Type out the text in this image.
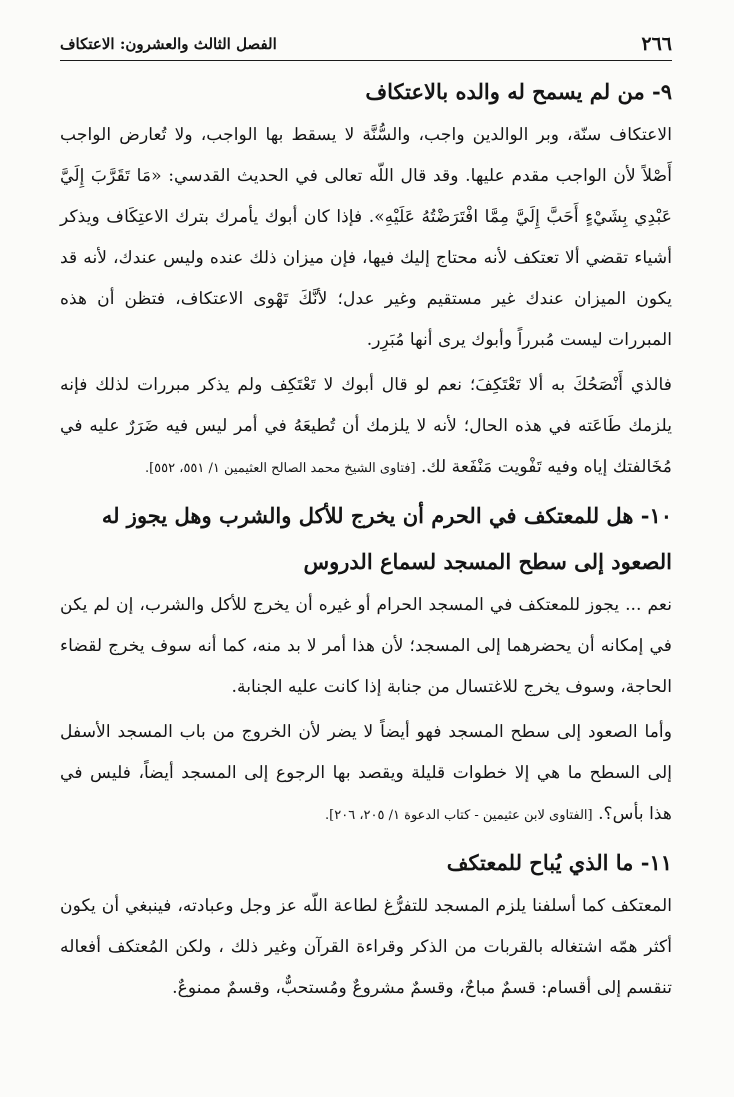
٢٦٦
الفصل الثالث والعشرون: الاعتكاف
٩- من لم يسمح له والده بالاعتكاف

الاعتكاف سنّة، وبر الوالدين واجب، والسُّنَّة لا يسقط بها الواجب، ولا تُعارض الواجب أَصْلاً لأن الواجب مقدم عليها. وقد قال اللّه تعالى في الحديث القدسي: «مَا تَقَرَّبَ إِلَيَّ عَبْدِي بِشَيْءٍ أَحَبَّ إِلَيَّ مِمَّا افْتَرَضْتُهُ عَلَيْهِ». فإذا كان أبوك يأمرك بترك الاعتِكَاف ويذكر أشياء تقضي ألا تعتكف لأنه محتاج إليك فيها، فإن ميزان ذلك عنده وليس عندك، لأنه قد يكون الميزان عندك غير مستقيم وغير عدل؛ لأنَّكَ تَهْوى الاعتكاف، فتظن أن هذه المبررات ليست مُبرراً وأبوك يرى أنها مُبَرِر.

فالذي أَنْصَحُكَ به ألا تَعْتَكِفَ؛ نعم لو قال أبوك لا تَعْتَكِف ولم يذكر مبررات لذلك فإنه يلزمك طَاعَته في هذه الحال؛ لأنه لا يلزمك أن تُطيعَهُ في أمر ليس فيه ضَرَرٌ عليه في مُخَالفتك إياه وفيه تَفْويت مَنْفَعة لك. [فتاوى الشيخ محمد الصالح العثيمين ١/ ٥٥١، ٥٥٢].

١٠- هل للمعتكف في الحرم أن يخرج للأكل والشرب وهل يجوز له الصعود إلى سطح المسجد لسماع الدروس

نعم ... يجوز للمعتكف في المسجد الحرام أو غيره أن يخرج للأكل والشرب، إن لم يكن في إمكانه أن يحضرهما إلى المسجد؛ لأن هذا أمر لا بد منه، كما أنه سوف يخرج لقضاء الحاجة، وسوف يخرج للاغتسال من جنابة إذا كانت عليه الجنابة.

وأما الصعود إلى سطح المسجد فهو أيضاً لا يضر لأن الخروج من باب المسجد الأسفل إلى السطح ما هي إلا خطوات قليلة ويقصد بها الرجوع إلى المسجد أيضاً، فليس في هذا بأس؟. [الفتاوى لابن عثيمين - كتاب الدعوة ١/ ٢٠٥، ٢٠٦].

١١- ما الذي يُباح للمعتكف

المعتكف كما أسلفنا يلزم المسجد للتفرُّغ لطاعة اللّه عز وجل وعبادته، فينبغي أن يكون أكثر همّه اشتغاله بالقربات من الذكر وقراءة القرآن وغير ذلك ، ولكن المُعتكف أفعاله تنقسم إلى أقسام: قسمٌ مباحٌ، وقسمٌ مشروعٌ ومُستحبٌّ، وقسمٌ ممنوعٌ.
